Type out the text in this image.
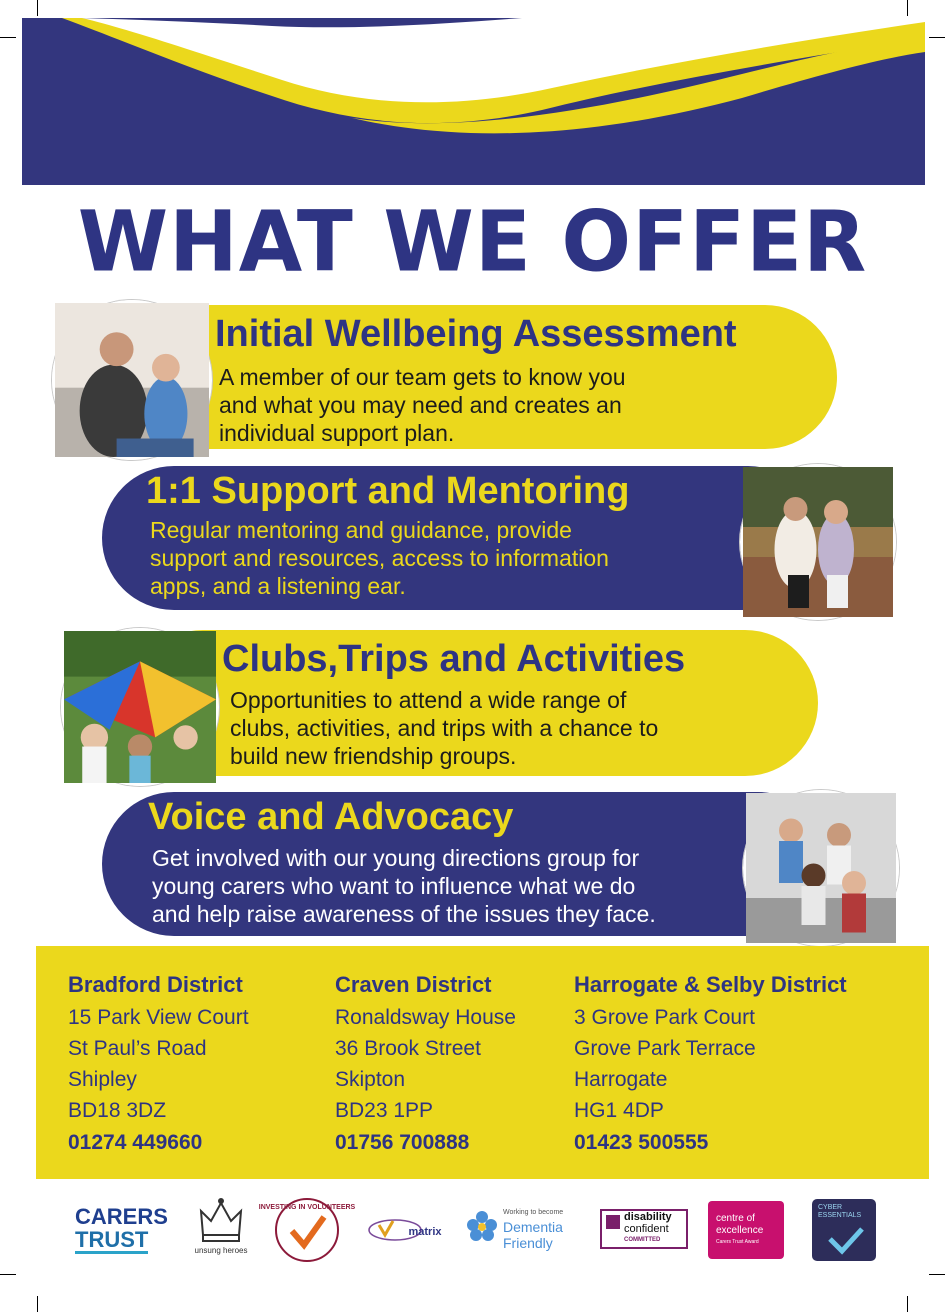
WHAT WE OFFER
Initial Wellbeing Assessment
A member of our team gets to know you
and what you may need and creates an
individual support plan.
1:1 Support and Mentoring
Regular mentoring and guidance, provide
support and resources, access to information
apps, and a listening ear.
Clubs,Trips and Activities
Opportunities to attend a wide range of
clubs, activities, and trips with a chance to
build new friendship groups.
Voice and Advocacy
Get involved with our young directions group for
young carers who want to influence what we do
and help raise awareness of the issues they face.
Bradford District
15 Park View Court
St Paul’s Road
Shipley
BD18 3DZ
01274 449660
Craven District
Ronaldsway House
36 Brook Street
Skipton
BD23 1PP
01756 700888
Harrogate & Selby District
3 Grove Park Court
Grove Park Terrace
Harrogate
HG1 4DP
01423 500555
CARERS
TRUST	unsung heroes
INVESTING IN VOLUNTEERS
matrix
Working to become
Dementia
Friendly
disability
confident
COMMITTED
centre of
excellence
Carers Trust Award
CYBER
ESSENTIALS
